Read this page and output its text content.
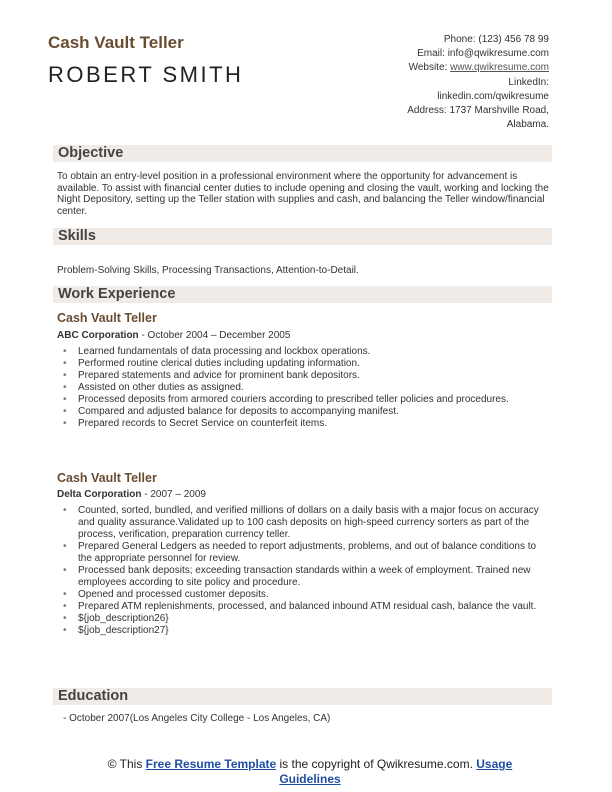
Cash Vault Teller
ROBERT SMITH
Phone: (123) 456 78 99
Email: info@qwikresume.com
Website: www.qwikresume.com
LinkedIn:
linkedin.com/qwikresume
Address: 1737 Marshville Road,
Alabama.
Objective
To obtain an entry-level position in a professional environment where the opportunity for advancement is available. To assist with financial center duties to include opening and closing the vault, working and locking the Night Depository, setting up the Teller station with supplies and cash, and balancing the Teller window/financial center.
Skills
Problem-Solving Skills, Processing Transactions, Attention-to-Detail.
Work Experience
Cash Vault Teller
ABC Corporation - October 2004 – December 2005
• Learned fundamentals of data processing and lockbox operations.
• Performed routine clerical duties including updating information.
• Prepared statements and advice for prominent bank depositors.
• Assisted on other duties as assigned.
• Processed deposits from armored couriers according to prescribed teller policies and procedures.
• Compared and adjusted balance for deposits to accompanying manifest.
• Prepared records to Secret Service on counterfeit items.
Cash Vault Teller
Delta Corporation - 2007 – 2009
• Counted, sorted, bundled, and verified millions of dollars on a daily basis with a major focus on accuracy and quality assurance.Validated up to 100 cash deposits on high-speed currency sorters as part of the process, verification, preparation currency teller.
• Prepared General Ledgers as needed to report adjustments, problems, and out of balance conditions to the appropriate personnel for review.
• Processed bank deposits; exceeding transaction standards within a week of employment. Trained new employees according to site policy and procedure.
• Opened and processed customer deposits.
• Prepared ATM replenishments, processed, and balanced inbound ATM residual cash, balance the vault.
• ${job_description26}
• ${job_description27}
Education
- October 2007(Los Angeles City College - Los Angeles, CA)
© This Free Resume Template is the copyright of Qwikresume.com. Usage
Guidelines
